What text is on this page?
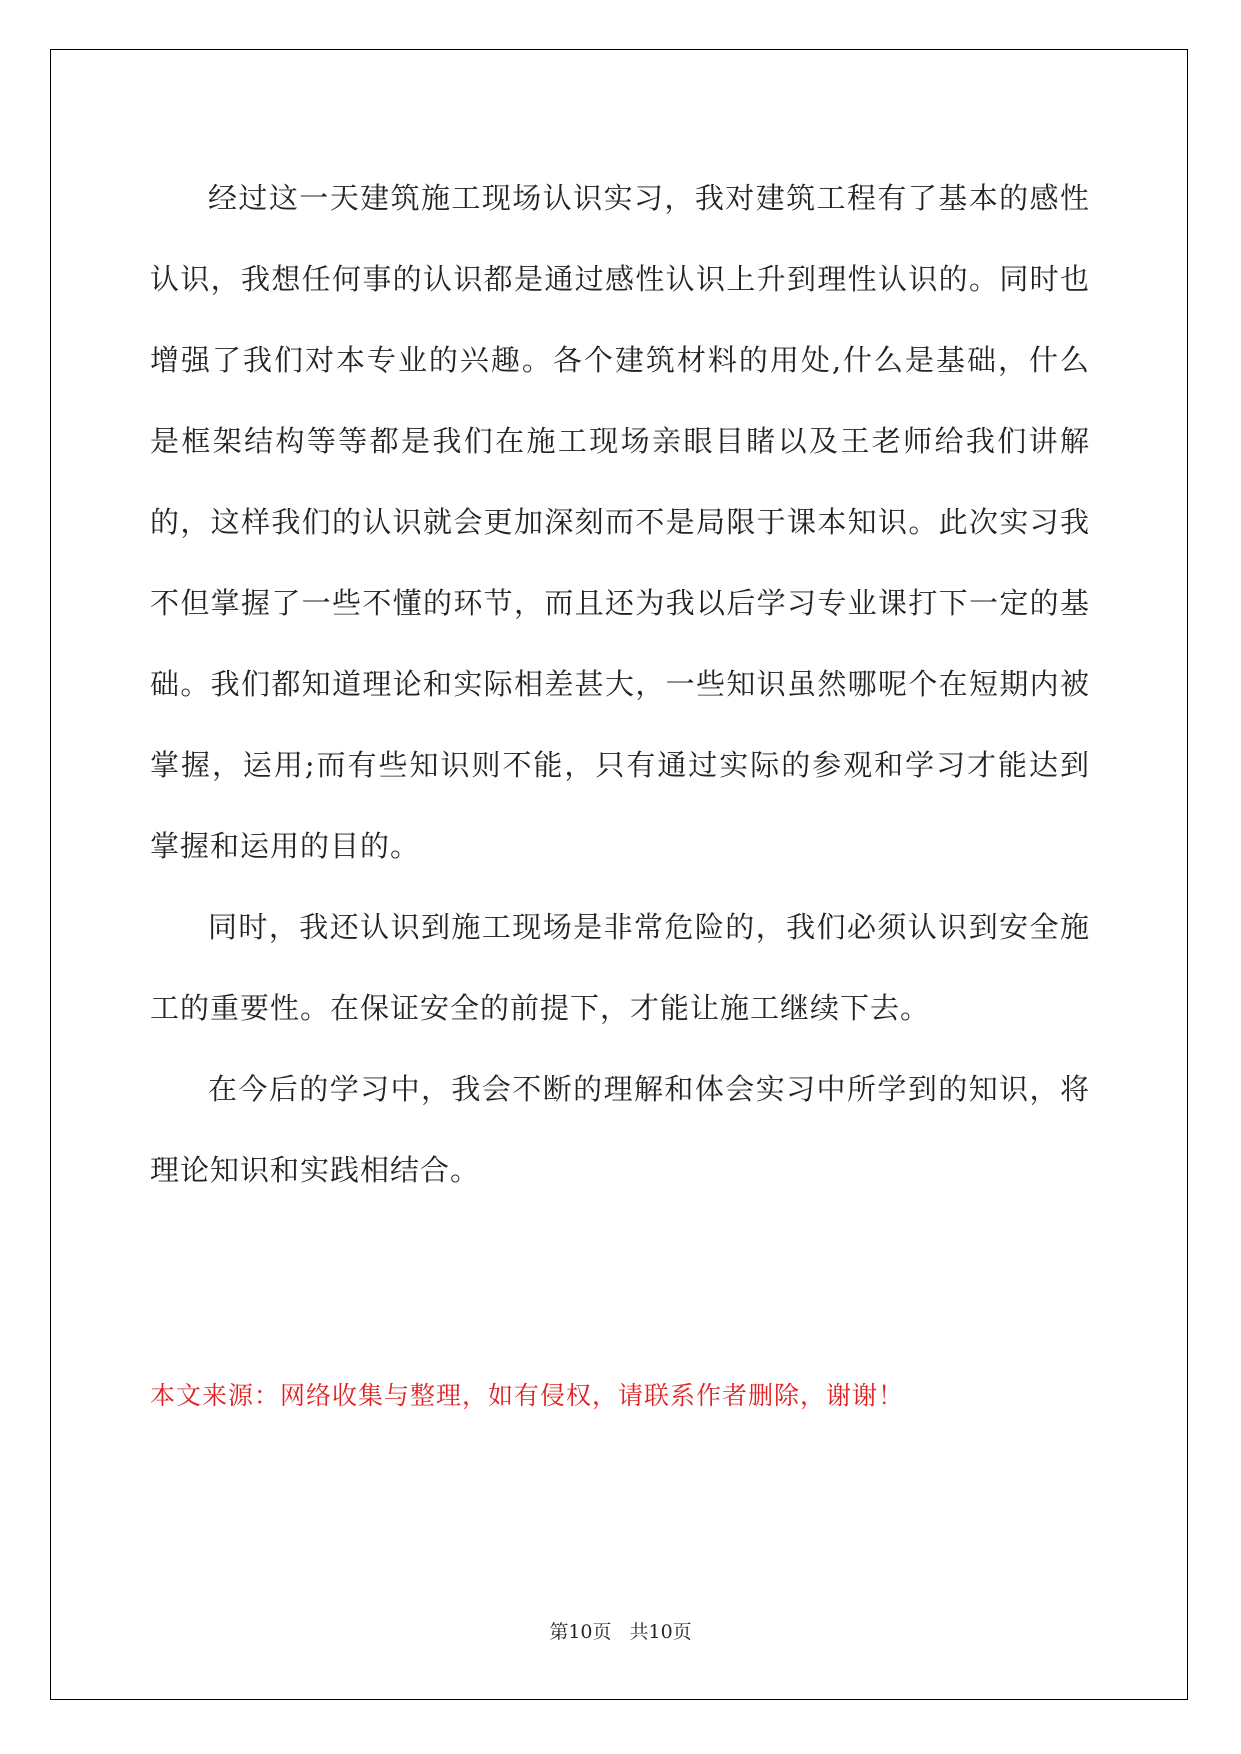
经过这一天建筑施工现场认识实习，我对建筑工程有了基本的感性认识，我想任何事的认识都是通过感性认识上升到理性认识的。同时也增强了我们对本专业的兴趣。各个建筑材料的用处,什么是基础，什么是框架结构等等都是我们在施工现场亲眼目睹以及王老师给我们讲解的，这样我们的认识就会更加深刻而不是局限于课本知识。此次实习我不但掌握了一些不懂的环节，而且还为我以后学习专业课打下一定的基础。我们都知道理论和实际相差甚大，一些知识虽然哪呢个在短期内被掌握，运用;而有些知识则不能，只有通过实际的参观和学习才能达到掌握和运用的目的。

同时，我还认识到施工现场是非常危险的，我们必须认识到安全施工的重要性。在保证安全的前提下，才能让施工继续下去。

在今后的学习中，我会不断的理解和体会实习中所学到的知识，将理论知识和实践相结合。

本文来源：网络收集与整理，如有侵权，请联系作者删除，谢谢！
第10页 共10页
